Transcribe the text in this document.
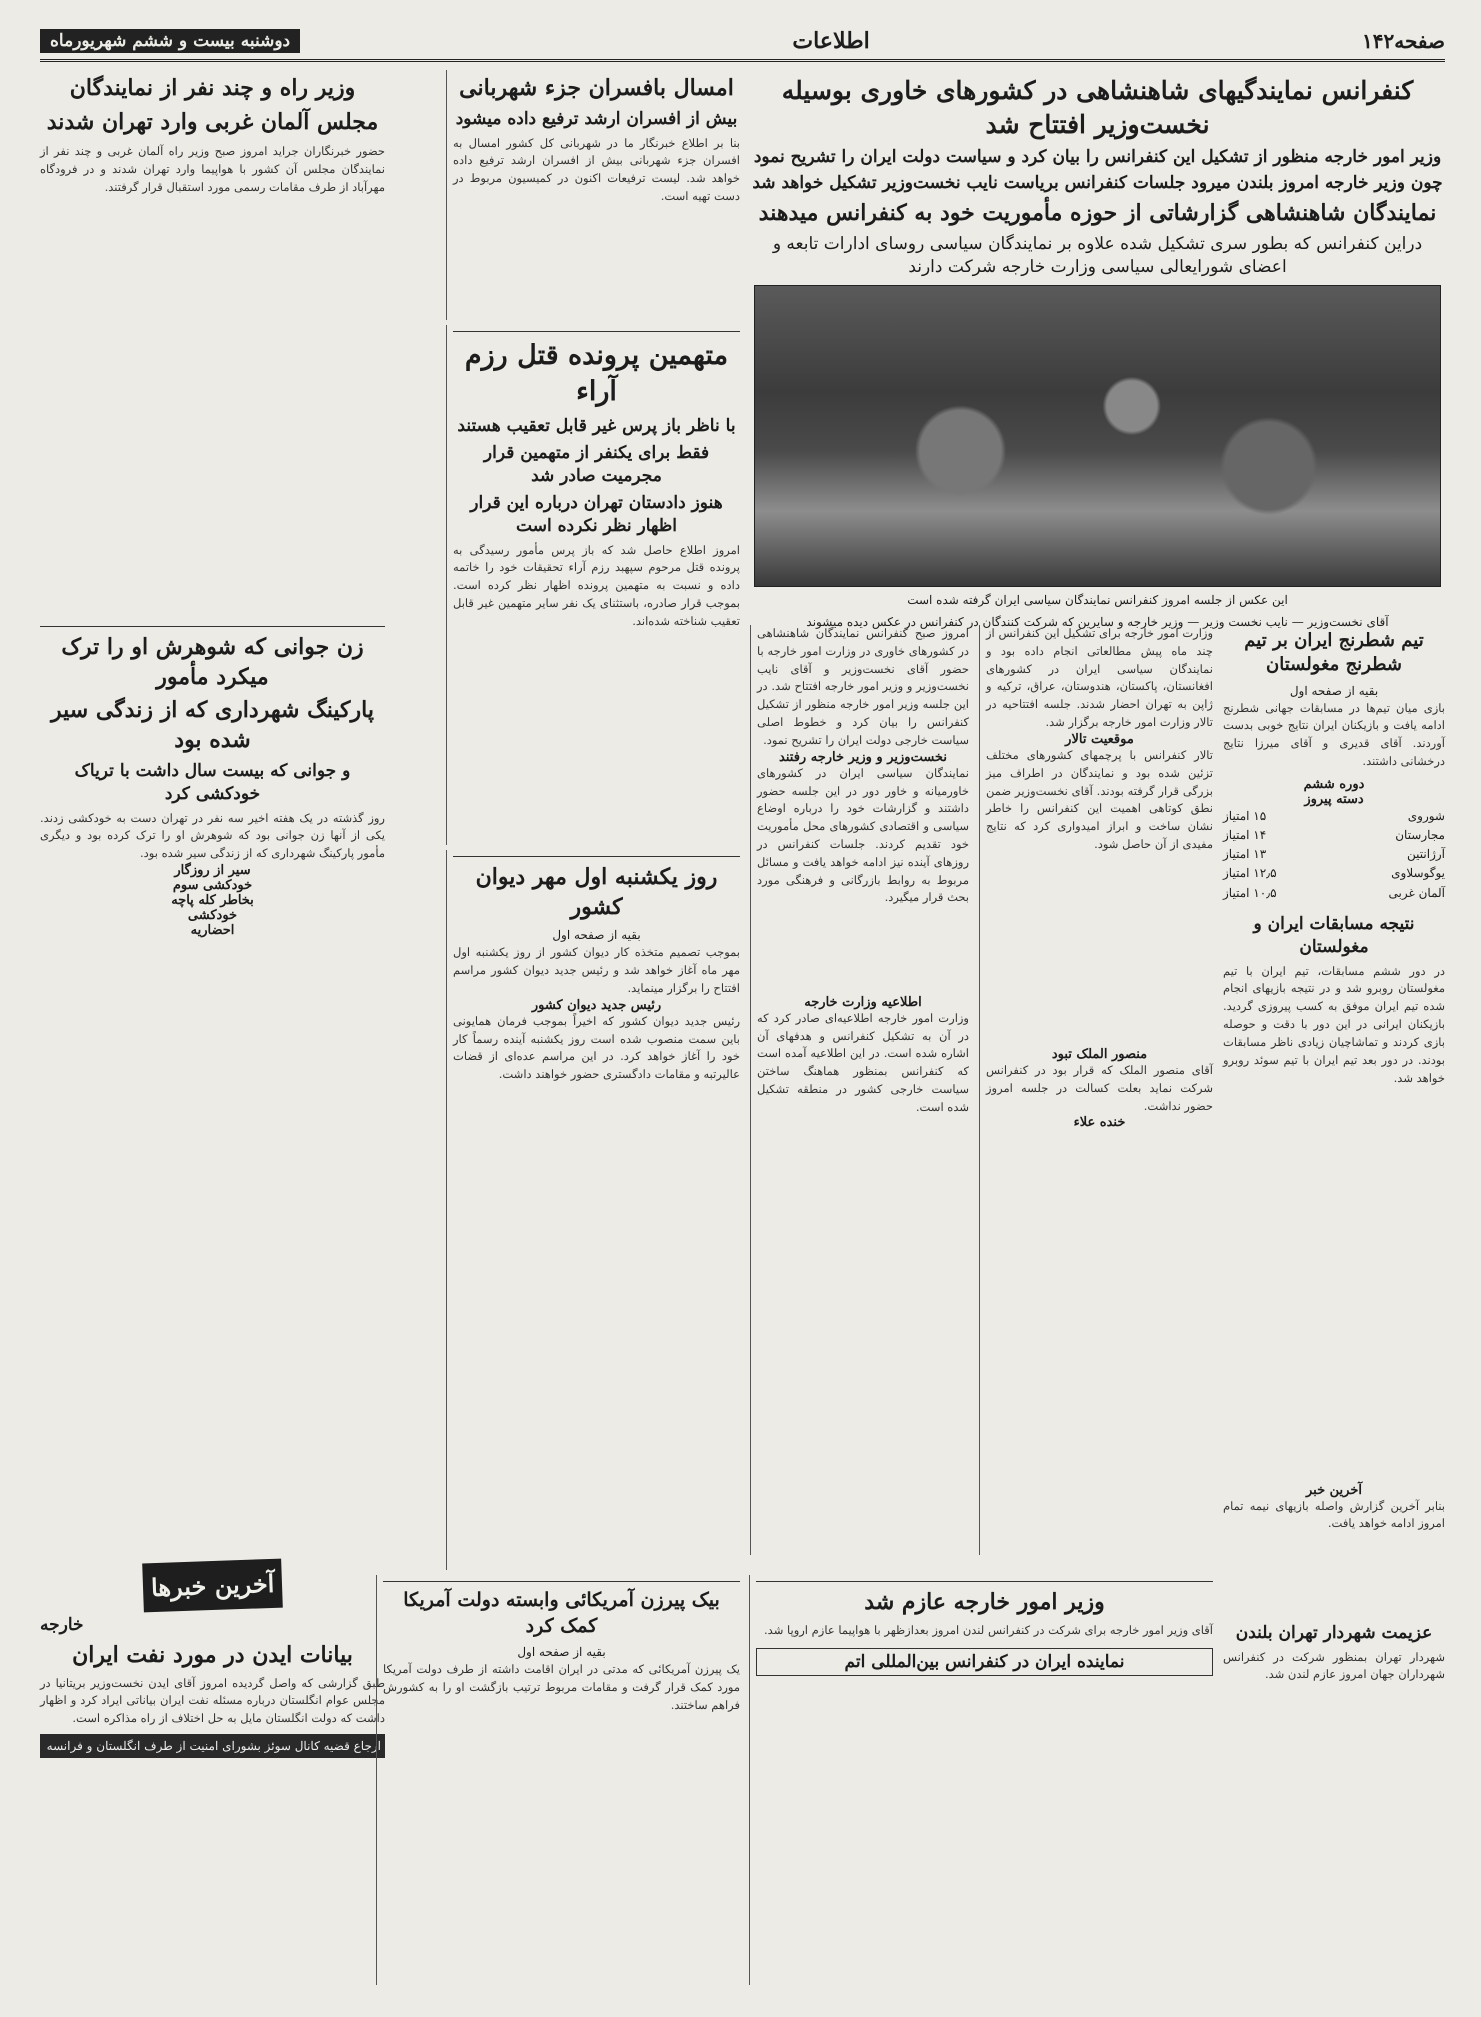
صفحه۱۴۲
اطلاعات
دوشنبه بیست و ششم شهریورماه
کنفرانس نمایندگیهای شاهنشاهی در کشورهای خاوری بوسیله نخست‌وزیر افتتاح شد
وزیر امور خارجه منظور از تشکیل این کنفرانس را بیان کرد و سیاست دولت ایران را تشریح نمود
چون وزیر خارجه امروز بلندن میرود جلسات کنفرانس بریاست نایب نخست‌وزیر تشکیل خواهد شد
نمایندگان شاهنشاهی گزارشاتی از حوزه مأموریت خود به کنفرانس میدهند
دراین کنفرانس که بطور سری تشکیل شده علاوه بر نمایندگان سیاسی روسای ادارات تابعه و اعضای شورایعالی سیاسی وزارت خارجه شرکت دارند
این عکس از جلسه امروز کنفرانس نمایندگان سیاسی ایران گرفته شده است
آقای نخست‌وزیر — نایب نخست وزیر — وزیر خارجه و سایرین که شرکت کنندگان در کنفرانس در عکس دیده میشوند
امروز صبح کنفرانس نمایندگان شاهنشاهی در کشورهای خاوری در وزارت امور خارجه با حضور آقای نخست‌وزیر و آقای نایب نخست‌وزیر و وزیر امور خارجه افتتاح شد. در این جلسه وزیر امور خارجه منظور از تشکیل کنفرانس را بیان کرد و خطوط اصلی سیاست خارجی دولت ایران را تشریح نمود.
نخست‌وزیر و وزیر خارجه رفتند
​نمایندگان سیاسی ایران در کشورهای خاورمیانه و خاور دور در این جلسه حضور داشتند و گزارشات خود را درباره اوضاع سیاسی و اقتصادی کشورهای محل مأموریت خود تقدیم کردند. جلسات کنفرانس در روزهای آینده نیز ادامه خواهد یافت و مسائل مربوط به روابط بازرگانی و فرهنگی مورد بحث قرار میگیرد.
اطلاعیه وزارت خارجه
وزارت امور خارجه اطلاعیه‌ای صادر کرد که در آن به تشکیل کنفرانس و هدفهای آن اشاره شده است. در این اطلاعیه آمده است که کنفرانس بمنظور هماهنگ ساختن سیاست خارجی کشور در منطقه تشکیل شده است.
وزارت امور خارجه برای تشکیل این کنفرانس از چند ماه پیش مطالعاتی انجام داده بود و نمایندگان سیاسی ایران در کشورهای افغانستان، پاکستان، هندوستان، عراق، ترکیه و ژاپن به تهران احضار شدند. جلسه افتتاحیه در تالار وزارت امور خارجه برگزار شد.
موقعیت تالار
تالار کنفرانس با پرچمهای کشورهای مختلف تزئین شده بود و نمایندگان در اطراف میز بزرگی قرار گرفته بودند. آقای نخست‌وزیر ضمن نطق کوتاهی اهمیت این کنفرانس را خاطر نشان ساخت و ابراز امیدواری کرد که نتایج مفیدی از آن حاصل شود.
منصور الملک تبود
آقای منصور الملک که قرار بود در کنفرانس شرکت نماید بعلت کسالت در جلسه امروز حضور نداشت.
خنده علاء
تیم شطرنج ایران بر تیم شطرنج مغولستان
بقیه از صفحه اول
بازی میان تیم‌ها در مسابقات جهانی شطرنج ادامه یافت و بازیکنان ایران نتایج خوبی بدست آوردند. آقای قدیری و آقای میرزا نتایج درخشانی داشتند.
دوره ششم
دسته پیروز
شوروی
۱۵ امتیاز
مجارستان
۱۴ امتیاز
آرژانتین
۱۳ امتیاز
یوگوسلاوی
۱۲٫۵ امتیاز
آلمان غربی
۱۰٫۵ امتیاز
نتیجه مسابقات ایران و مغولستان
در دور ششم مسابقات، تیم ایران با تیم مغولستان روبرو شد و در نتیجه بازیهای انجام شده تیم ایران موفق به کسب پیروزی گردید. بازیکنان ایرانی در این دور با دقت و حوصله بازی کردند و تماشاچیان زیادی ناظر مسابقات بودند. در دور بعد تیم ایران با تیم سوئد روبرو خواهد شد.
آخرین خبر
بنابر آخرین گزارش واصله بازیهای نیمه تمام امروز ادامه خواهد یافت.
عزیمت شهردار تهران بلندن
شهردار تهران بمنظور شرکت در کنفرانس شهرداران جهان امروز عازم لندن شد.
امسال بافسران جزء شهربانی
بیش از افسران ارشد ترفیع داده میشود
بنا بر اطلاع خبرنگار ما در شهربانی کل کشور امسال به افسران جزء شهربانی بیش از افسران ارشد ترفیع داده خواهد شد. لیست ترفیعات اکنون در کمیسیون مربوط در دست تهیه است.
متهمین پرونده قتل رزم آراء
با ناظر باز پرس غیر قابل تعقیب هستند
فقط برای یکنفر از متهمین قرار مجرمیت صادر شد
هنوز دادستان تهران درباره این قرار اظهار نظر نکرده است
امروز اطلاع حاصل شد که باز پرس مأمور رسیدگی به پرونده قتل مرحوم سپهبد رزم آراء تحقیقات خود را خاتمه داده و نسبت به متهمین پرونده اظهار نظر کرده است. بموجب قرار صادره، باستثنای یک نفر سایر متهمین غیر قابل تعقیب شناخته شده‌اند.
روز یکشنبه اول مهر دیوان کشور
بقیه از صفحه اول
بموجب تصمیم متخذه کار دیوان کشور از روز یکشنبه اول مهر ماه آغاز خواهد شد و رئیس جدید دیوان کشور مراسم افتتاح را برگزار مینماید.
رئیس جدید دیوان کشور
رئیس جدید دیوان کشور که اخیراً بموجب فرمان همایونی باین سمت منصوب شده است روز یکشنبه آینده رسماً کار خود را آغاز خواهد کرد. در این مراسم عده‌ای از قضات عالیرتبه و مقامات دادگستری حضور خواهند داشت.
وزیر راه و چند نفر از نمایندگان
مجلس آلمان غربی وارد تهران شدند
حضور خبرنگاران جراید امروز صبح وزیر راه آلمان غربی و چند نفر از نمایندگان مجلس آن کشور با هواپیما وارد تهران شدند و در فرودگاه مهرآباد از طرف مقامات رسمی مورد استقبال قرار گرفتند.
زن جوانی که شوهرش او را ترک میکرد مأمور
پارکینگ شهرداری که از زندگی سیر شده بود
و جوانی که بیست سال داشت با تریاک خودکشی کرد
روز گذشته در یک هفته اخیر سه نفر در تهران دست به خودکشی زدند. یکی از آنها زن جوانی بود که شوهرش او را ترک کرده بود و دیگری مأمور پارکینگ شهرداری که از زندگی سیر شده بود.
سیر از روزگار
خودکشی سوم
بخاطر کله پاچه
خودکشی
احضاریه
آخرین خبرها
خارجه
بیانات ایدن در مورد نفت ایران
طبق گزارشی که واصل گردیده امروز آقای ایدن نخست‌وزیر بریتانیا در مجلس عوام انگلستان درباره مسئله نفت ایران بیاناتی ایراد کرد و اظهار داشت که دولت انگلستان مایل به حل اختلاف از راه مذاکره است.
ارجاع قضیه کانال سوئز بشورای امنیت از طرف انگلستان و فرانسه
بیک پیرزن آمریکائی وابسته دولت آمریکا کمک کرد
بقیه از صفحه اول
یک پیرزن آمریکائی که مدتی در ایران اقامت داشته از طرف دولت آمریکا مورد کمک قرار گرفت و مقامات مربوط ترتیب بازگشت او را به کشورش فراهم ساختند.
وزیر امور خارجه عازم شد
آقای وزیر امور خارجه برای شرکت در کنفرانس لندن امروز بعدازظهر با هواپیما عازم اروپا شد.
نماینده ایران در کنفرانس بین‌المللی اتم
